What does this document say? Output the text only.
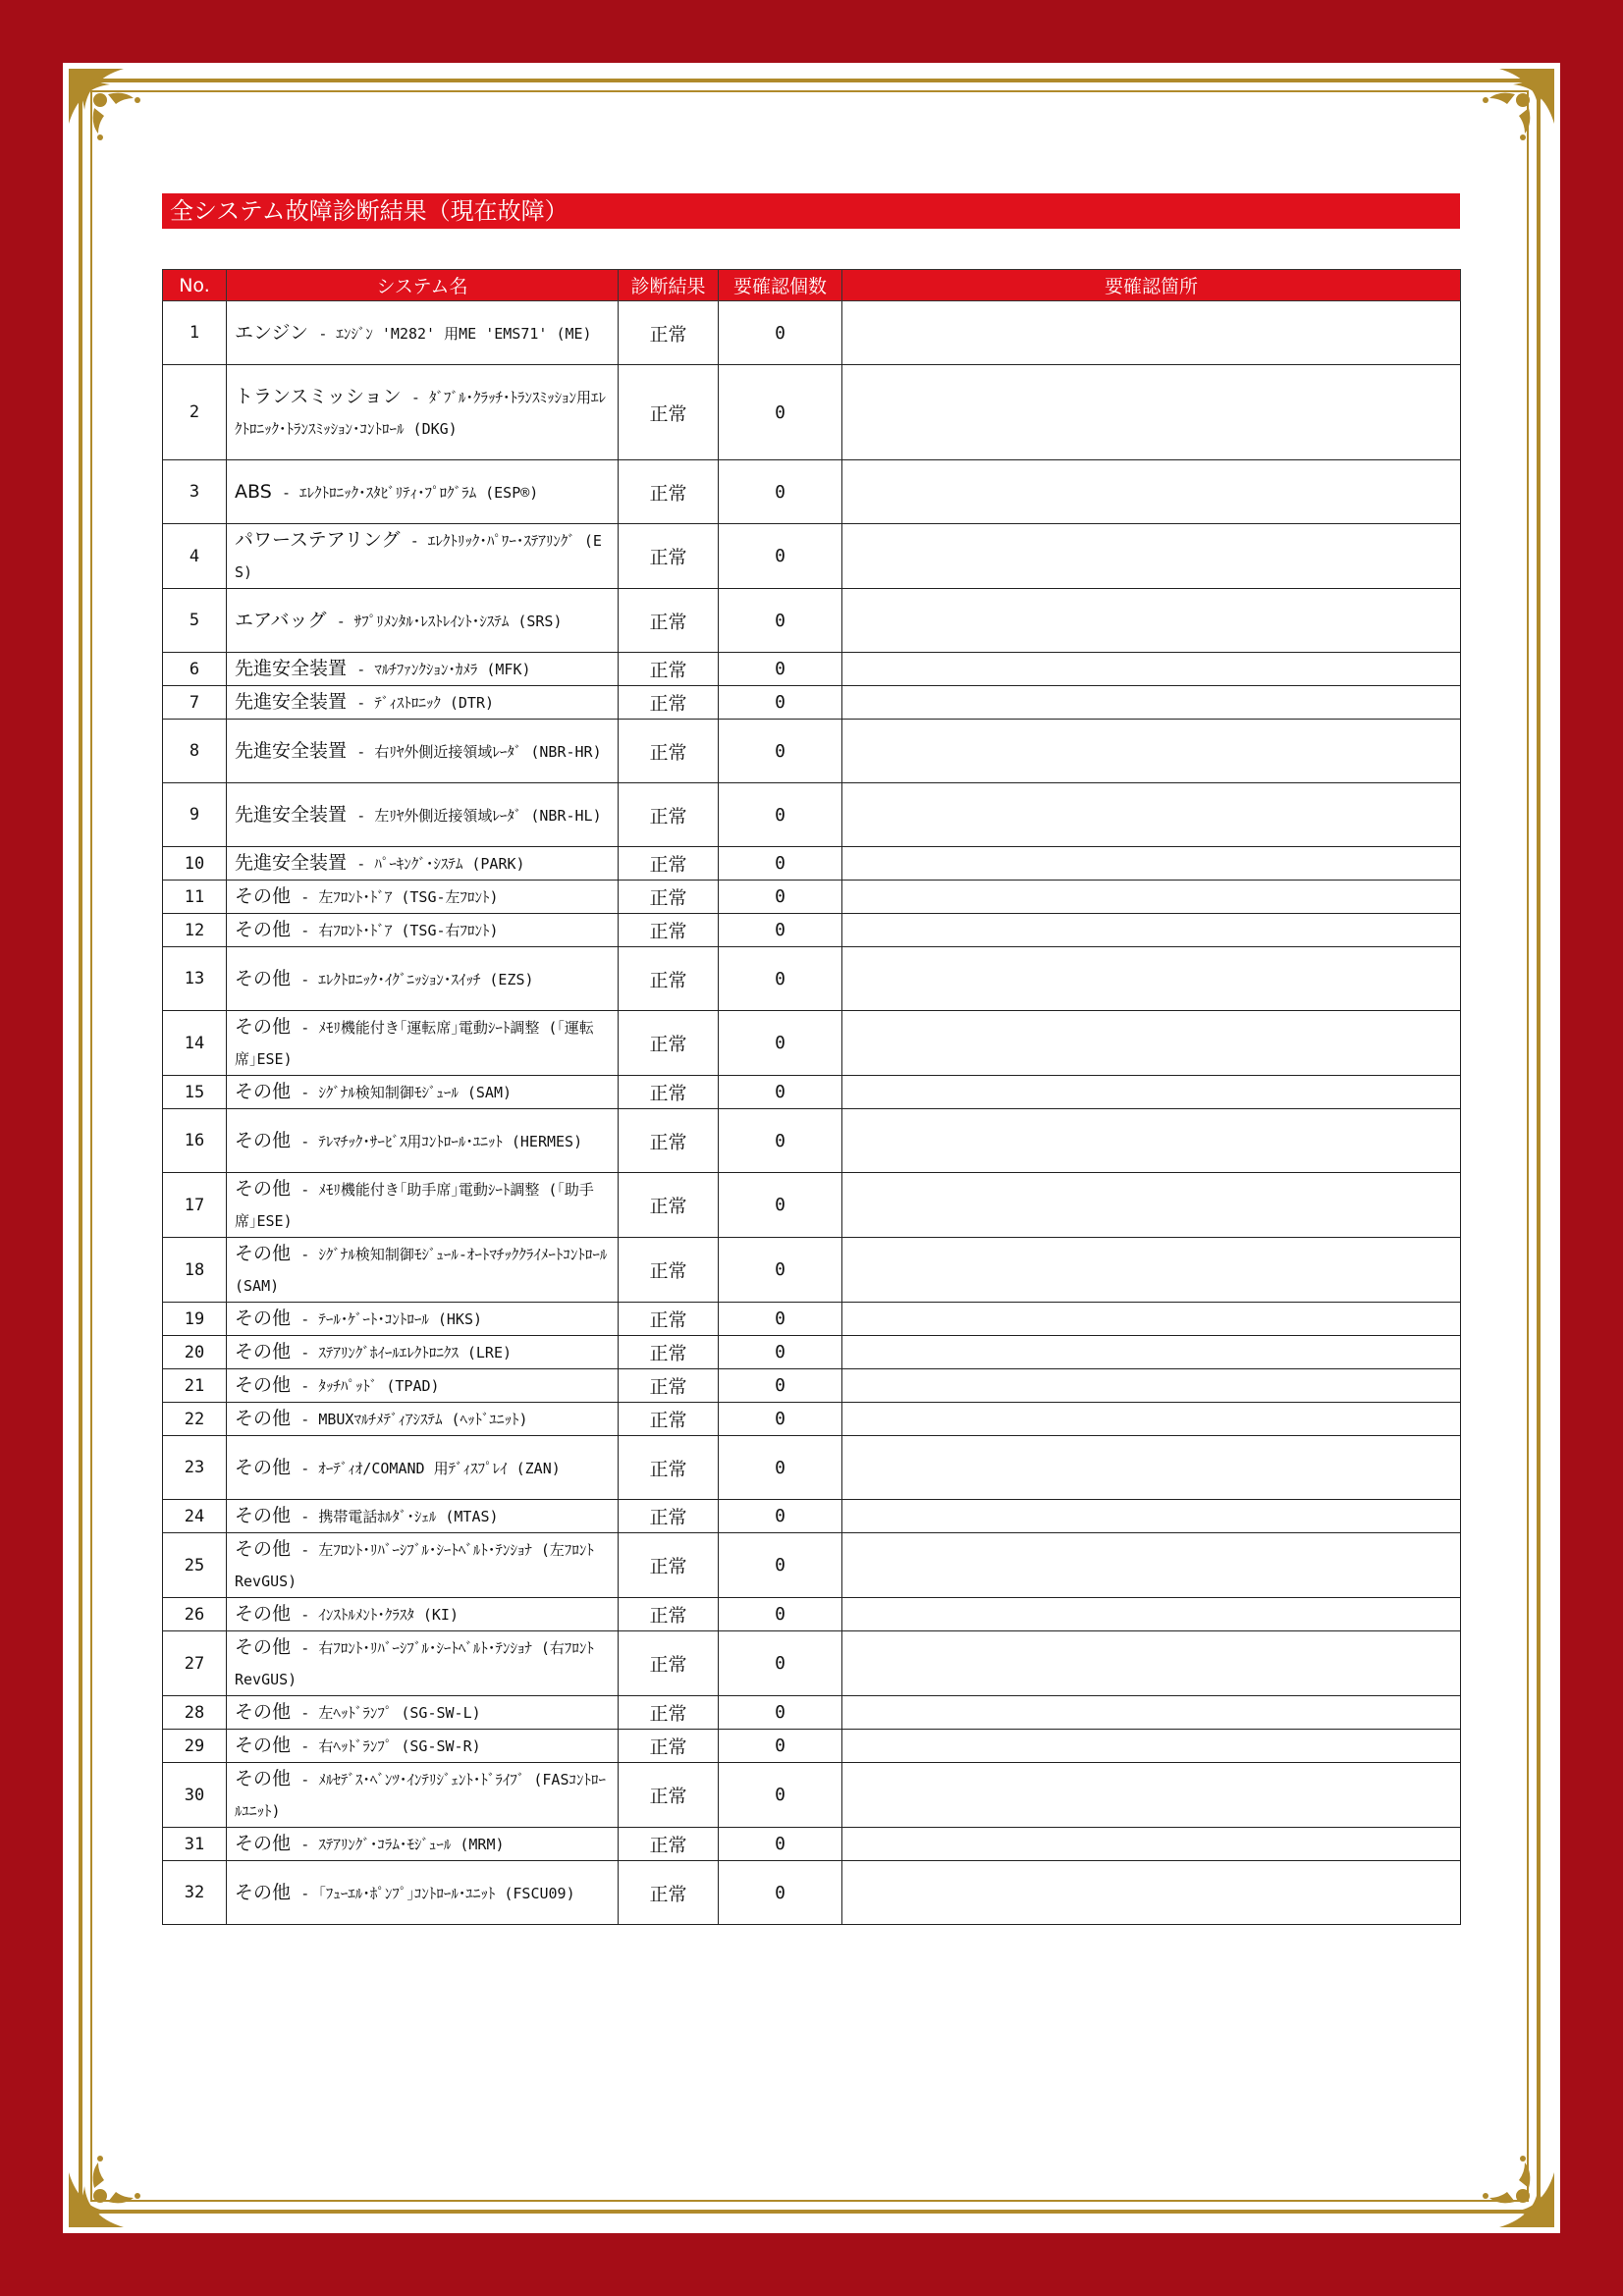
全システム故障診断結果（現在故障）
No.	システム名	診断結果	要確認個数	要確認箇所
1	エンジン - ｴﾝｼﾞﾝ 'M282' 用ME 'EMS71' (ME)	正常	0	
2	トランスミッション - ﾀﾞﾌﾞﾙ･ｸﾗｯﾁ･ﾄﾗﾝｽﾐｯｼｮﾝ用ｴﾚｸﾄﾛﾆｯｸ･ﾄﾗﾝｽﾐｯｼｮﾝ･ｺﾝﾄﾛｰﾙ (DKG)	正常	0	
3	ABS - ｴﾚｸﾄﾛﾆｯｸ･ｽﾀﾋﾞﾘﾃｨ･ﾌﾟﾛｸﾞﾗﾑ (ESP®)	正常	0	
4	パワーステアリング - ｴﾚｸﾄﾘｯｸ･ﾊﾟﾜｰ･ｽﾃｱﾘﾝｸﾞ (ES)	正常	0	
5	エアバッグ - ｻﾌﾟﾘﾒﾝﾀﾙ･ﾚｽﾄﾚｲﾝﾄ･ｼｽﾃﾑ (SRS)	正常	0	
6	先進安全装置 - ﾏﾙﾁﾌｧﾝｸｼｮﾝ･ｶﾒﾗ (MFK)	正常	0	
7	先進安全装置 - ﾃﾞｨｽﾄﾛﾆｯｸ (DTR)	正常	0	
8	先進安全装置 - 右ﾘﾔ外側近接領域ﾚｰﾀﾞ (NBR-HR)	正常	0	
9	先進安全装置 - 左ﾘﾔ外側近接領域ﾚｰﾀﾞ (NBR-HL)	正常	0	
10	先進安全装置 - ﾊﾟｰｷﾝｸﾞ･ｼｽﾃﾑ (PARK)	正常	0	
11	その他 - 左ﾌﾛﾝﾄ･ﾄﾞｱ (TSG-左ﾌﾛﾝﾄ)	正常	0	
12	その他 - 右ﾌﾛﾝﾄ･ﾄﾞｱ (TSG-右ﾌﾛﾝﾄ)	正常	0	
13	その他 - ｴﾚｸﾄﾛﾆｯｸ･ｲｸﾞﾆｯｼｮﾝ･ｽｲｯﾁ (EZS)	正常	0	
14	その他 - ﾒﾓﾘ機能付き｢運転席｣電動ｼｰﾄ調整 (｢運転席｣ESE)	正常	0	
15	その他 - ｼｸﾞﾅﾙ検知制御ﾓｼﾞｭｰﾙ (SAM)	正常	0	
16	その他 - ﾃﾚﾏﾁｯｸ･ｻｰﾋﾞｽ用ｺﾝﾄﾛｰﾙ･ﾕﾆｯﾄ (HERMES)	正常	0	
17	その他 - ﾒﾓﾘ機能付き｢助手席｣電動ｼｰﾄ調整 (｢助手席｣ESE)	正常	0	
18	その他 - ｼｸﾞﾅﾙ検知制御ﾓｼﾞｭｰﾙ-ｵｰﾄﾏﾁｯｸｸﾗｲﾒｰﾄｺﾝﾄﾛｰﾙ (SAM)	正常	0	
19	その他 - ﾃｰﾙ･ｹﾞｰﾄ･ｺﾝﾄﾛｰﾙ (HKS)	正常	0	
20	その他 - ｽﾃｱﾘﾝｸﾞﾎｲｰﾙｴﾚｸﾄﾛﾆｸｽ (LRE)	正常	0	
21	その他 - ﾀｯﾁﾊﾟｯﾄﾞ (TPAD)	正常	0	
22	その他 - MBUXﾏﾙﾁﾒﾃﾞｨｱｼｽﾃﾑ (ﾍｯﾄﾞﾕﾆｯﾄ)	正常	0	
23	その他 - ｵｰﾃﾞｨｵ/COMAND 用ﾃﾞｨｽﾌﾟﾚｲ (ZAN)	正常	0	
24	その他 - 携帯電話ﾎﾙﾀﾞ･ｼｪﾙ (MTAS)	正常	0	
25	その他 - 左ﾌﾛﾝﾄ･ﾘﾊﾞｰｼﾌﾞﾙ･ｼｰﾄﾍﾞﾙﾄ･ﾃﾝｼｮﾅ (左ﾌﾛﾝﾄ RevGUS)	正常	0	
26	その他 - ｲﾝｽﾄﾙﾒﾝﾄ･ｸﾗｽﾀ (KI)	正常	0	
27	その他 - 右ﾌﾛﾝﾄ･ﾘﾊﾞｰｼﾌﾞﾙ･ｼｰﾄﾍﾞﾙﾄ･ﾃﾝｼｮﾅ (右ﾌﾛﾝﾄ RevGUS)	正常	0	
28	その他 - 左ﾍｯﾄﾞﾗﾝﾌﾟ (SG-SW-L)	正常	0	
29	その他 - 右ﾍｯﾄﾞﾗﾝﾌﾟ (SG-SW-R)	正常	0	
30	その他 - ﾒﾙｾﾃﾞｽ･ﾍﾞﾝﾂ･ｲﾝﾃﾘｼﾞｪﾝﾄ･ﾄﾞﾗｲﾌﾞ (FASｺﾝﾄﾛｰﾙﾕﾆｯﾄ)	正常	0	
31	その他 - ｽﾃｱﾘﾝｸﾞ･ｺﾗﾑ･ﾓｼﾞｭｰﾙ (MRM)	正常	0	
32	その他 - ｢ﾌｭｰｴﾙ･ﾎﾟﾝﾌﾟ｣ｺﾝﾄﾛｰﾙ･ﾕﾆｯﾄ (FSCU09)	正常	0	
